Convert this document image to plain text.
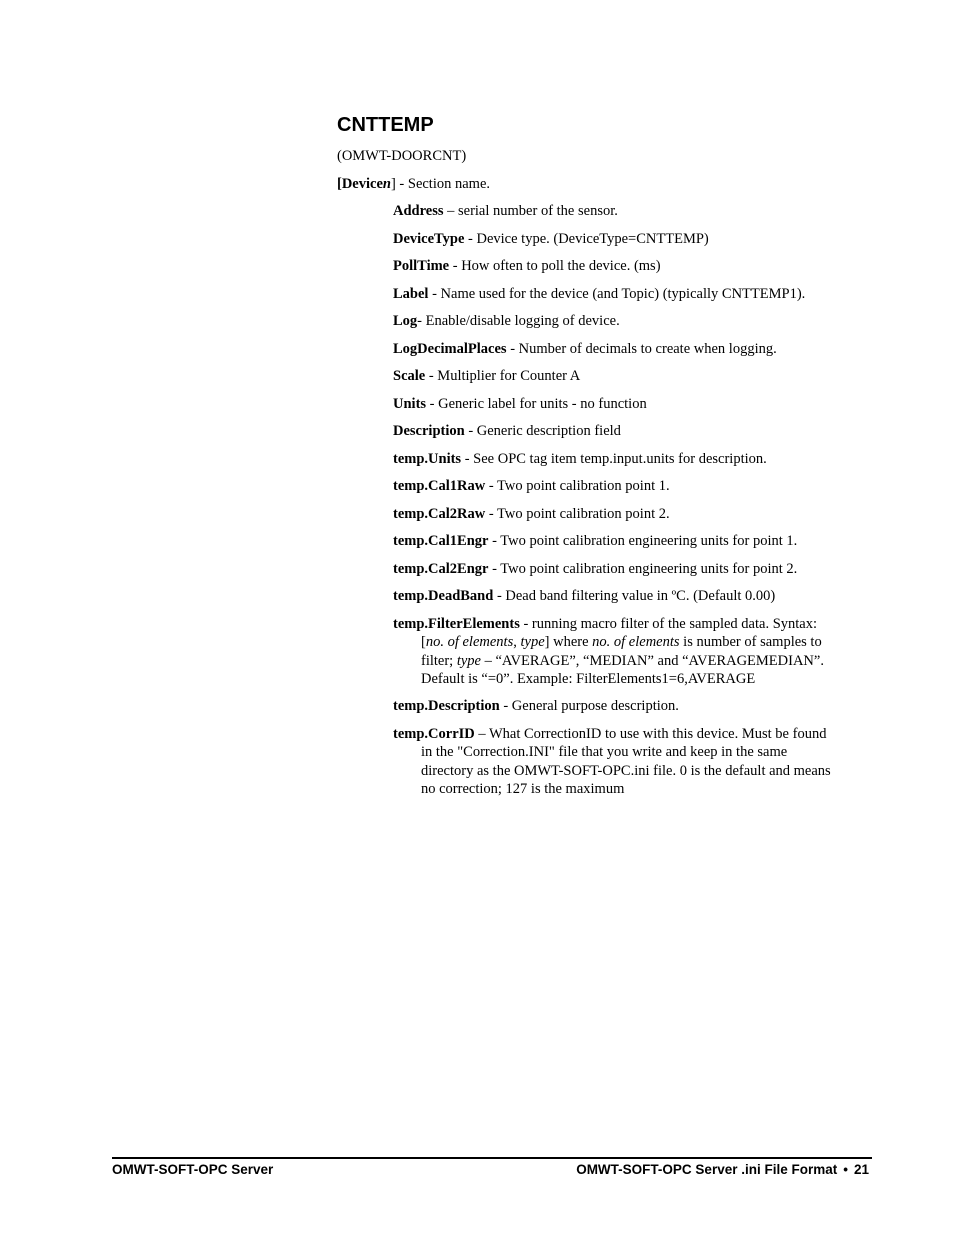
CNTTEMP
(OMWT-DOORCNT)
[Devicen] - Section name.
Address – serial number of the sensor.
DeviceType - Device type. (DeviceType=CNTTEMP)
PollTime - How often to poll the device. (ms)
Label - Name used for the device (and Topic) (typically CNTTEMP1).
Log- Enable/disable logging of device.
LogDecimalPlaces - Number of decimals to create when logging.
Scale - Multiplier for Counter A
Units - Generic label for units - no function
Description - Generic description field
temp.Units - See OPC tag item temp.input.units for description.
temp.Cal1Raw - Two point calibration point 1.
temp.Cal2Raw - Two point calibration point 2.
temp.Cal1Engr - Two point calibration engineering units for point 1.
temp.Cal2Engr - Two point calibration engineering units for point 2.
temp.DeadBand - Dead band filtering value in ºC. (Default 0.00)
temp.FilterElements - running macro filter of the sampled data. Syntax:
[no. of elements, type] where no. of elements is number of samples to
filter; type – “AVERAGE”, “MEDIAN” and “AVERAGEMEDIAN”.
Default is “=0”. Example: FilterElements1=6,AVERAGE
temp.Description - General purpose description.
temp.CorrID – What CorrectionID to use with this device. Must be found
in the "Correction.INI" file that you write and keep in the same
directory as the OMWT-SOFT-OPC.ini file. 0 is the default and means
no correction; 127 is the maximum
OMWT-SOFT-OPC Server	OMWT-SOFT-OPC Server .ini File Format • 21
